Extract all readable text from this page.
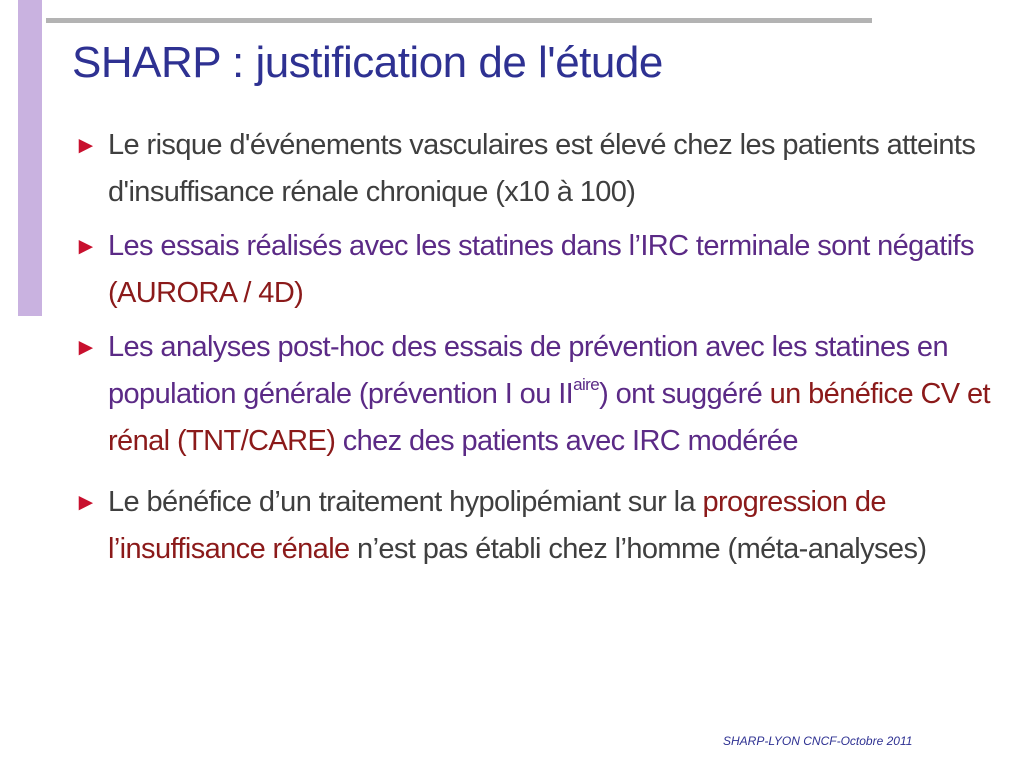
SHARP : justification de l'étude
► Le risque d'événements vasculaires est élevé chez les patients atteints d'insuffisance rénale chronique (x10 à 100)
► Les essais réalisés avec les statines dans l’IRC terminale sont négatifs (AURORA / 4D)
► Les analyses post-hoc des essais de prévention avec les statines en population générale (prévention I ou $II^{aire}$) ont suggéré un bénéfice CV et rénal (TNT/CARE) chez des patients avec IRC modérée
► Le bénéfice d’un traitement hypolipémiant sur la progression de l’insuffisance rénale n’est pas établi chez l’homme (méta-analyses)
SHARP-LYON CNCF-Octobre 2011
